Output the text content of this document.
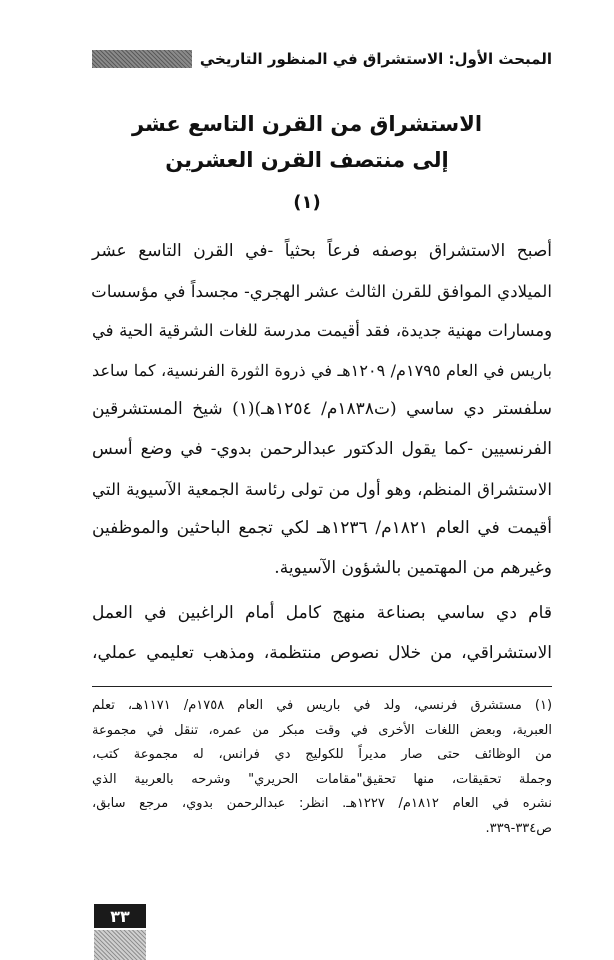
المبحث الأول: الاستشراق في المنظور التاريخي
الاستشراق من القرن التاسع عشر
إلى منتصف القرن العشرين
(١)
أصبح الاستشراق بوصفه فرعاً بحثياً -في القرن التاسع عشر
الميلادي الموافق للقرن الثالث عشر الهجري- مجسداً في مؤسسات
ومسارات مهنية جديدة، فقد أقيمت مدرسة للغات الشرقية الحية في
باريس في العام ١٧٩٥م/ ١٢٠٩هـ في ذروة الثورة الفرنسية، كما ساعد
سلفستر دي ساسي (ت١٨٣٨م/ ١٢٥٤هـ)(١) شيخ المستشرقين
الفرنسيين -كما يقول الدكتور عبدالرحمن بدوي- في وضع أسس
الاستشراق المنظم، وهو أول من تولى رئاسة الجمعية الآسيوية التي
أقيمت في العام ١٨٢١م/ ١٢٣٦هـ لكي تجمع الباحثين والموظفين
وغيرهم من المهتمين بالشؤون الآسيوية.
قام دي ساسي بصناعة منهج كامل أمام الراغبين في العمل
الاستشراقي، من خلال نصوص منتظمة، ومذهب تعليمي عملي،
(١) مستشرق فرنسي، ولد في باريس في العام ١٧٥٨م/ ١١٧١هـ، تعلم
العبرية، وبعض اللغات الأخرى في وقت مبكر من عمره، تنقل في مجموعة
من الوظائف حتى صار مديراً للكوليج دي فرانس، له مجموعة كتب،
وجملة تحقيقات، منها تحقيق"مقامات الحريري" وشرحه بالعربية الذي
نشره في العام ١٨١٢م/ ١٢٢٧هـ. انظر: عبدالرحمن بدوي، مرجع سابق،
ص٣٣٤-٣٣٩.
٣٣
